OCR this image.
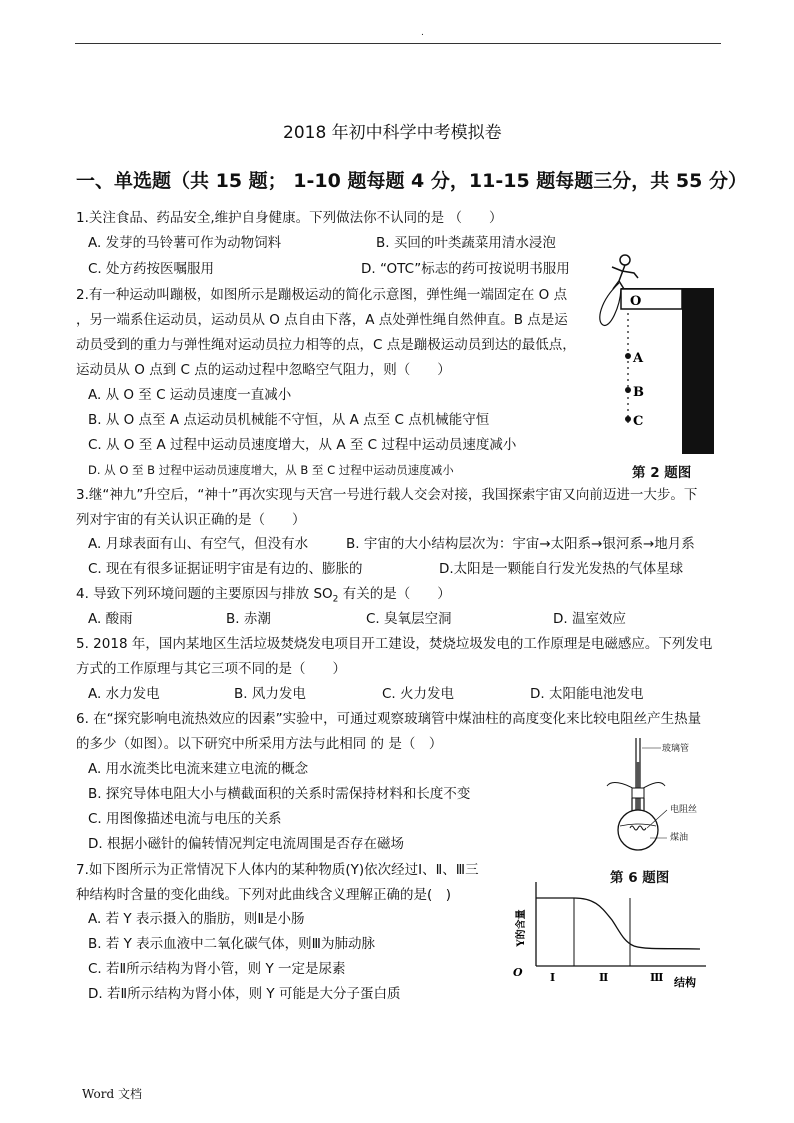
.
2018 年初中科学中考模拟卷
一、单选题（共 15 题； 1-10 题每题 4 分，11-15 题每题三分，共 55 分）
1.关注食品、药品安全,维护自身健康。下列做法你不认同的是 （　　）
A. 发芽的马铃薯可作为动物饲料	B. 买回的叶类蔬菜用清水浸泡
C. 处方药按医嘱服用	D. “OTC”标志的药可按说明书服用
2.有一种运动叫蹦极，如图所示是蹦极运动的简化示意图，弹性绳一端固定在 O 点
，另一端系住运动员，运动员从 O 点自由下落，A 点处弹性绳自然伸直。B 点是运
动员受到的重力与弹性绳对运动员拉力相等的点，C 点是蹦极运动员到达的最低点，
运动员从 O 点到 C 点的运动过程中忽略空气阻力，则（　　）
A. 从 O 至 C 运动员速度一直减小
B. 从 O 点至 A 点运动员机械能不守恒，从 A 点至 C 点机械能守恒
C. 从 O 至 A 过程中运动员速度增大，从 A 至 C 过程中运动员速度减小
D. 从 O 至 B 过程中运动员速度增大，从 B 至 C 过程中运动员速度减小
O
A
B
C
第 2 题图
3.继“神九”升空后，“神十”再次实现与天宫一号进行载人交会对接，我国探索宇宙又向前迈进一大步。下
列对宇宙的有关认识正确的是（　　）
A. 月球表面有山、有空气，但没有水	B. 宇宙的大小结构层次为：宇宙→太阳系→银河系→地月系
C. 现在有很多证据证明宇宙是有边的、膨胀的	D.太阳是一颗能自行发光发热的气体星球
4. 导致下列环境问题的主要原因与排放 $SO_2$ 有关的是（　　）
A. 酸雨	B. 赤潮	C. 臭氧层空洞	D. 温室效应
5. 2018 年，国内某地区生活垃圾焚烧发电项目开工建设，焚烧垃圾发电的工作原理是电磁感应。下列发电
方式的工作原理与其它三项不同的是（　　）
A. 水力发电	B. 风力发电	C. 火力发电	D. 太阳能电池发电
6. 在“探究影响电流热效应的因素”实验中，可通过观察玻璃管中煤油柱的高度变化来比较电阻丝产生热量
的多少（如图）。以下研究中所采用方法与此相同 的 是（　）
A. 用水流类比电流来建立电流的概念
B. 探究导体电阻大小与横截面积的关系时需保持材料和长度不变
C. 用图像描述电流与电压的关系
D. 根据小磁针的偏转情况判定电流周围是否存在磁场
玻璃管
电阻丝
煤油
第 6 题图
7.如下图所示为正常情况下人体内的某种物质(Y)依次经过Ⅰ、Ⅱ、Ⅲ三
种结构时含量的变化曲线。下列对此曲线含义理解正确的是(　)
A. 若 Y 表示摄入的脂肪，则Ⅱ是小肠
B. 若 Y 表示血液中二氧化碳气体，则Ⅲ为肺动脉
C. 若Ⅱ所示结构为肾小管，则 Y 一定是尿素
D. 若Ⅱ所示结构为肾小体，则 Y 可能是大分子蛋白质
Y的含量
O Ⅰ	Ⅱ	Ⅲ 结构
Word 文档
